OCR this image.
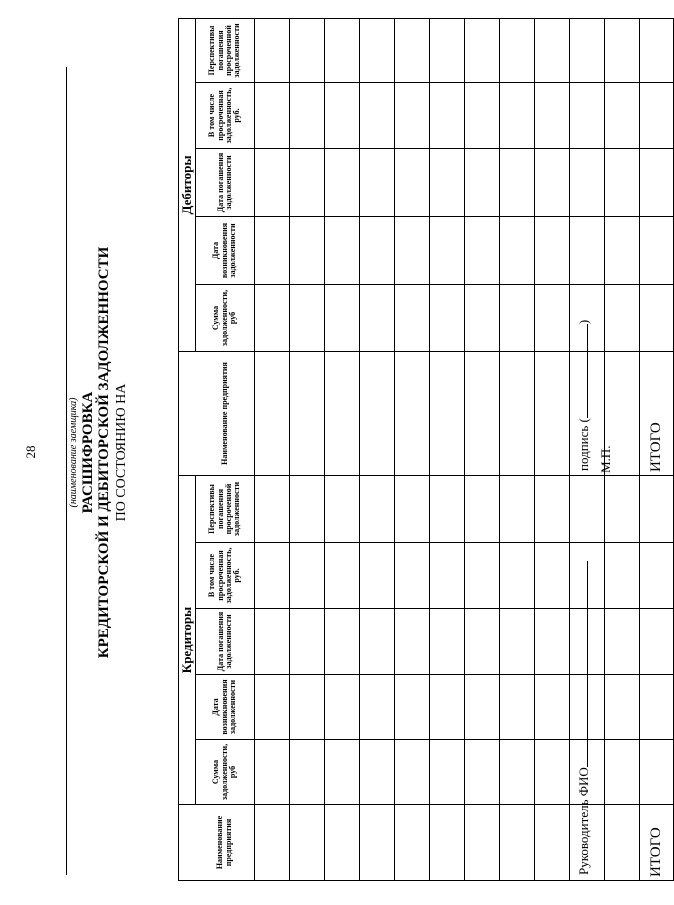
28	(наименование заемщика) РАСШИФРОВКА КРЕДИТОРСКОЙ И ДЕБИТОРСКОЙ ЗАДОЛЖЕННОСТИ ПО СОСТОЯНИЮ НА
	Кредиторы						Дебиторы				
Наименование предприятия	Сумма задолженности, руб	Дата возникновения задолженности	Дата погашения задолженности	В том числе просроченная задолженность, руб.	Перспективы погашения просроченной задолженности	Наименование предприятия	Сумма задолженности, руб	Дата возникновения задолженности	Дата погашения задолженности	В том числе просроченная задолженность, руб.	Перспективы погашения просроченной задолженности

ИТОГО						ИТОГО					
Руководитель ФИО
подпись ()
М.П.
